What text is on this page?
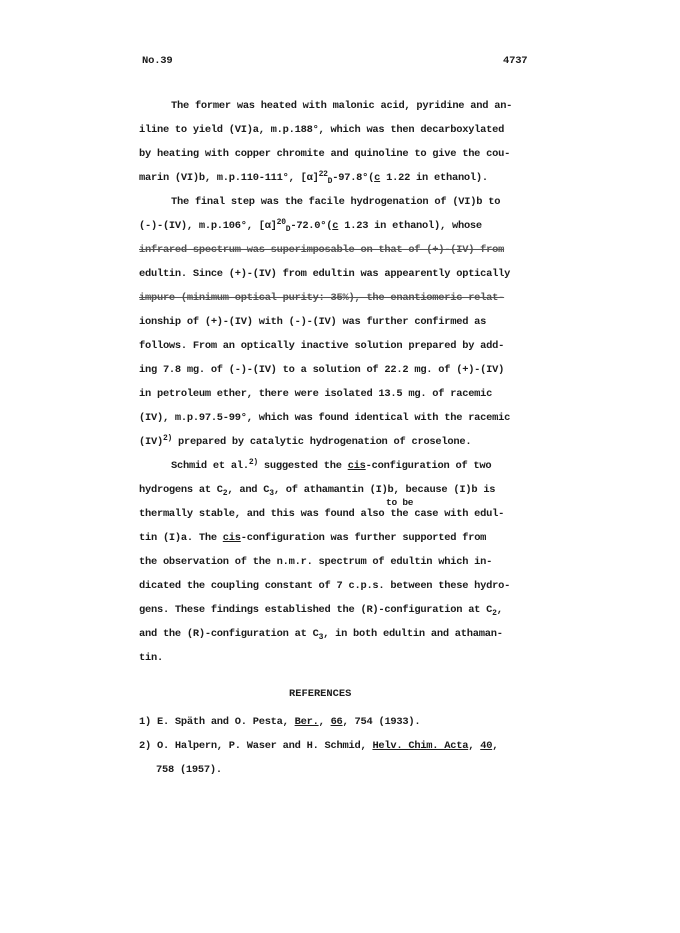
No.39	4737
The former was heated with malonic acid, pyridine and an-
iline to yield (VI)a, m.p.188°, which was then decarboxylated
by heating with copper chromite and quinoline to give the cou-
marin (VI)b, m.p.110-111°, $[\alpha]^{22}_D-97.8^\circ(c$ 1.22 in ethanol).
The final step was the facile hydrogenation of (VI)b to
(-)-(IV), m.p.106°, $[\alpha]^{20}_D-72.0^\circ(c$ 1.23 in ethanol), whose
infrared spectrum was superimposable on that of (+)-(IV) from
edultin. Since (+)-(IV) from edultin was appearently optically
impure (minimum optical purity: 35%), the enantiomeric relat-
ionship of (+)-(IV) with (-)-(IV) was further confirmed as
follows. From an optically inactive solution prepared by add-
ing 7.8 mg. of (-)-(IV) to a solution of 22.2 mg. of (+)-(IV)
in petroleum ether, there were isolated 13.5 mg. of racemic
(IV), m.p.97.5-99°, which was found identical with the racemic
(IV)$^{2)}$ prepared by catalytic hydrogenation of croselone.
Schmid et al.$^{2)}$ suggested the cis-configuration of two
hydrogens at $C_2$, and $C_3$, of athamantin (I)b, because (I)b is
to be
thermally stable, and this was found also the case with edul-
tin (I)a. The cis-configuration was further supported from
the observation of the n.m.r. spectrum of edultin which in-
dicated the coupling constant of 7 c.p.s. between these hydro-
gens. These findings established the (R)-configuration at $C_2$,
and the (R)-configuration at $C_3$, in both edultin and athaman-
tin.
REFERENCES
1) E. Späth and O. Pesta, Ber., 66, 754 (1933).
2) O. Halpern, P. Waser and H. Schmid, Helv. Chim. Acta, 40,
758 (1957).
